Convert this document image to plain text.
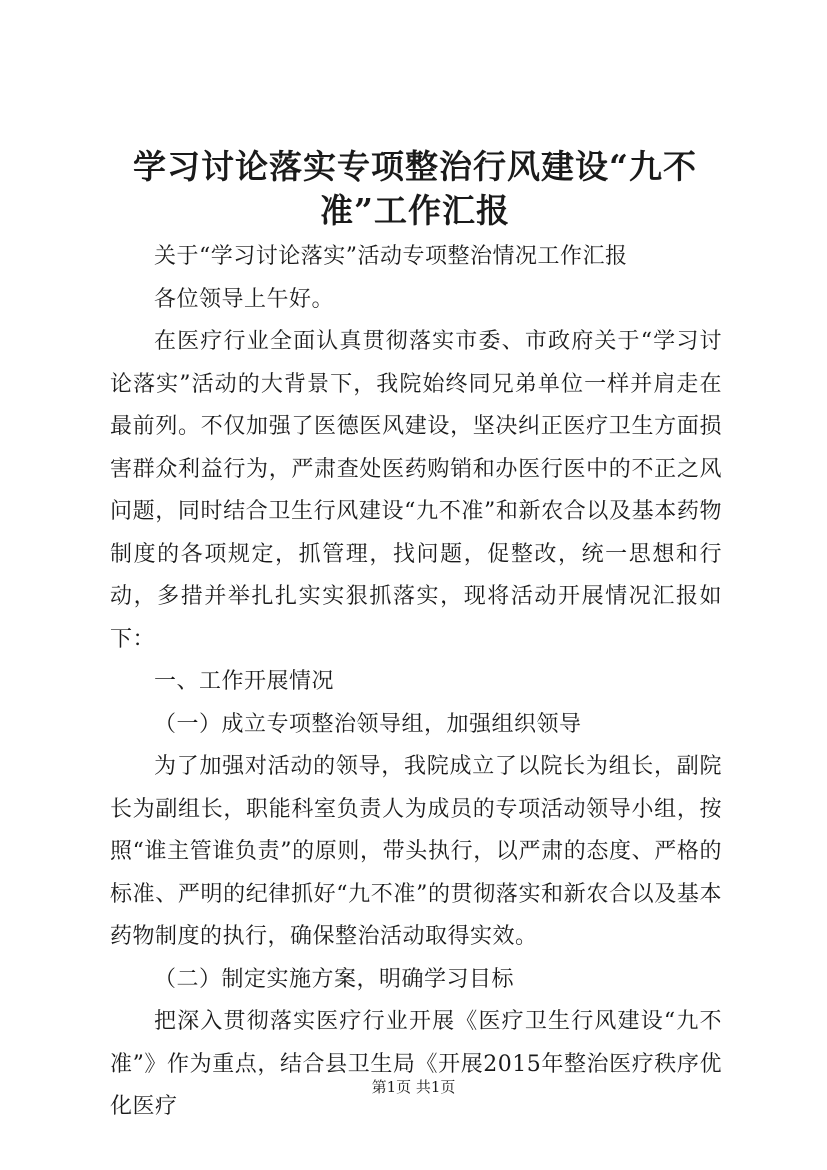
学习讨论落实专项整治行风建设“九不准”工作汇报

关于“学习讨论落实”活动专项整治情况工作汇报

各位领导上午好。

在医疗行业全面认真贯彻落实市委、市政府关于“学习讨论落实”活动的大背景下，我院始终同兄弟单位一样并肩走在最前列。不仅加强了医德医风建设，坚决纠正医疗卫生方面损害群众利益行为，严肃查处医药购销和办医行医中的不正之风问题，同时结合卫生行风建设“九不准”和新农合以及基本药物制度的各项规定，抓管理，找问题，促整改，统一思想和行动，多措并举扎扎实实狠抓落实，现将活动开展情况汇报如下：

一、工作开展情况

（一）成立专项整治领导组，加强组织领导

为了加强对活动的领导，我院成立了以院长为组长，副院长为副组长，职能科室负责人为成员的专项活动领导小组，按照“谁主管谁负责”的原则，带头执行，以严肃的态度、严格的标准、严明的纪律抓好“九不准”的贯彻落实和新农合以及基本药物制度的执行，确保整治活动取得实效。

（二）制定实施方案，明确学习目标

把深入贯彻落实医疗行业开展《医疗卫生行风建设“九不准”》作为重点，结合县卫生局《开展2015年整治医疗秩序优化医疗

第1页 共1页
